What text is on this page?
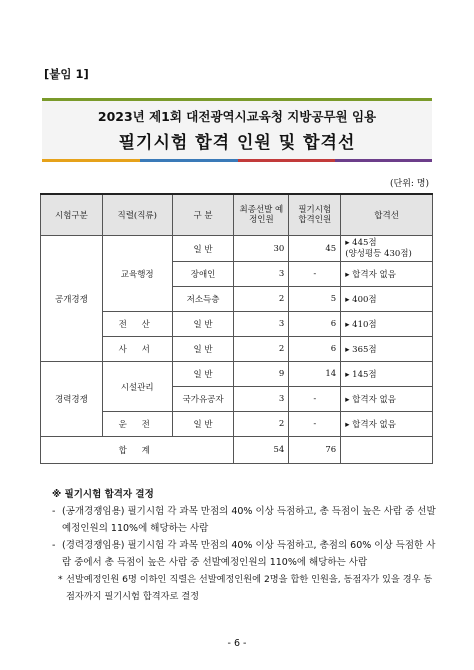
[붙임 1]
2023년 제1회 대전광역시교육청 지방공무원 임용
필기시험 합격 인원 및 합격선
(단위: 명)
시험구분	직렬(직류)	구 분	최종선발 예정인원	필기시험 합격인원	합격선
공개경쟁	교육행정	일 반	30	45	▸ 445점
(양성평등 430점)

		장애인	3	-	▸ 합격자 없음
		저소득층	2	5	▸ 400점
	전 산	일 반	3	6	▸ 410점
	사 서	일 반	2	6	▸ 365점
경력경쟁	시설관리	일 반	9	14	▸ 145점
		국가유공자	3	-	▸ 합격자 없음
	운 전	일 반	2	-	▸ 합격자 없음
합 계			54	76	
※ 필기시험 합격자 결정
- (공개경쟁임용) 필기시험 각 과목 만점의 40% 이상 득점하고, 총 득점이 높은 사람 중 선발예정인원의 110%에 해당하는 사람
- (경력경쟁임용) 필기시험 각 과목 만점의 40% 이상 득점하고, 총점의 60% 이상 득점한 사람 중에서 총 득점이 높은 사람 중 선발예정인원의 110%에 해당하는 사람
* 선발예정인원 6명 이하인 직렬은 선발예정인원에 2명을 합한 인원을, 동점자가 있을 경우 동점자까지 필기시험 합격자로 결정
- 6 -
